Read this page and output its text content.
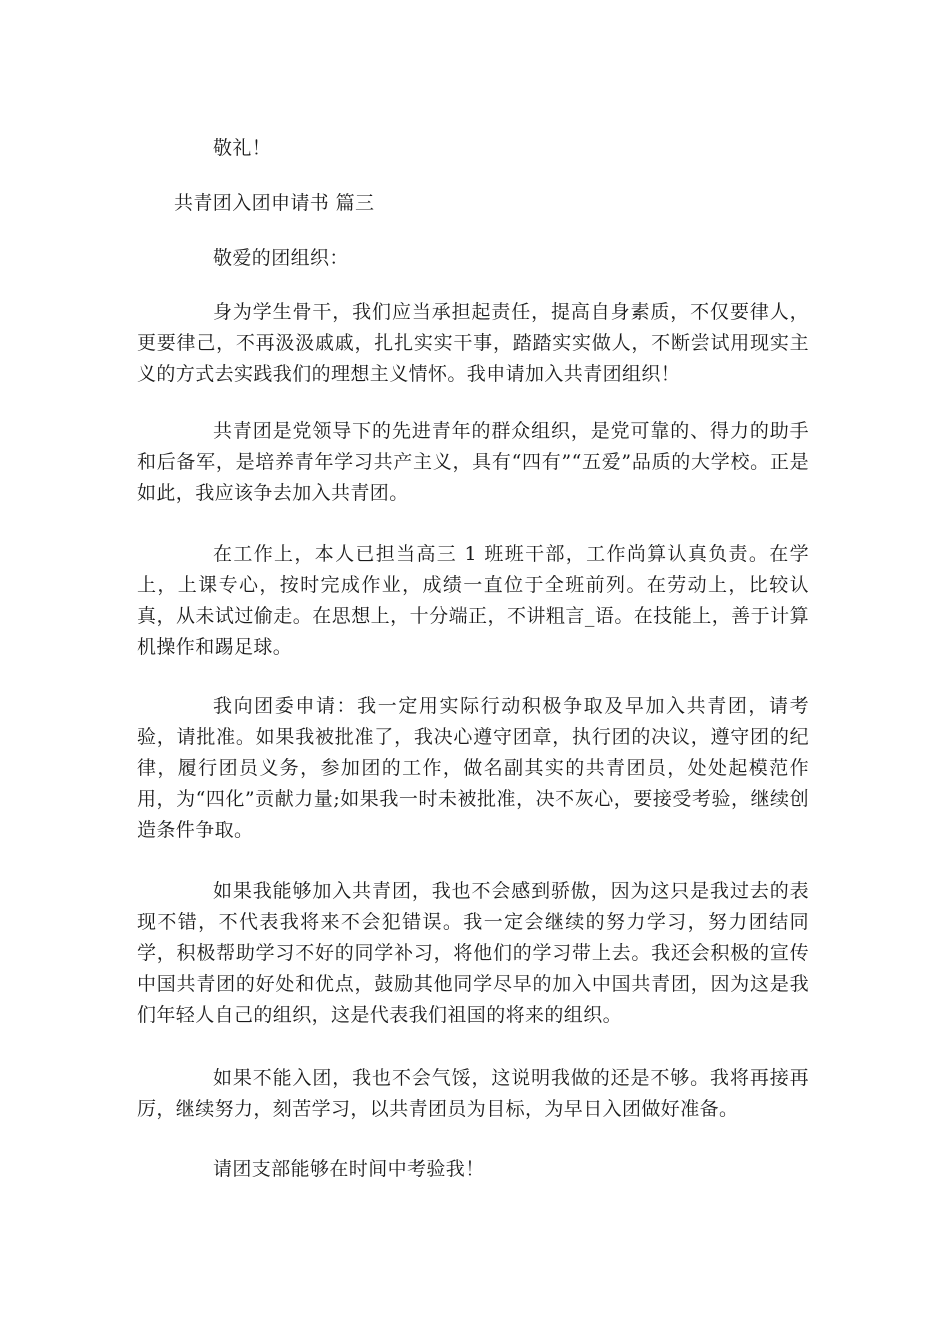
敬礼！

共青团入团申请书 篇三

敬爱的团组织：

身为学生骨干，我们应当承担起责任，提高自身素质，不仅要律人，更要律己，不再汲汲戚戚，扎扎实实干事，踏踏实实做人，不断尝试用现实主义的方式去实践我们的理想主义情怀。我申请加入共青团组织！

共青团是党领导下的先进青年的群众组织，是党可靠的、得力的助手和后备军，是培养青年学习共产主义，具有“四有”“五爱”品质的大学校。正是如此，我应该争去加入共青团。

在工作上，本人已担当高三 1 班班干部，工作尚算认真负责。在学上，上课专心，按时完成作业，成绩一直位于全班前列。在劳动上，比较认真，从未试过偷走。在思想上，十分端正，不讲粗言_语。在技能上，善于计算机操作和踢足球。

我向团委申请：我一定用实际行动积极争取及早加入共青团，请考验，请批准。如果我被批准了，我决心遵守团章，执行团的决议，遵守团的纪律，履行团员义务，参加团的工作，做名副其实的共青团员，处处起模范作用，为“四化”贡献力量;如果我一时未被批准，决不灰心，要接受考验，继续创造条件争取。

如果我能够加入共青团，我也不会感到骄傲，因为这只是我过去的表现不错，不代表我将来不会犯错误。我一定会继续的努力学习，努力团结同学，积极帮助学习不好的同学补习，将他们的学习带上去。我还会积极的宣传中国共青团的好处和优点，鼓励其他同学尽早的加入中国共青团，因为这是我们年轻人自己的组织，这是代表我们祖国的将来的组织。

如果不能入团，我也不会气馁，这说明我做的还是不够。我将再接再厉，继续努力，刻苦学习，以共青团员为目标，为早日入团做好准备。

请团支部能够在时间中考验我！
